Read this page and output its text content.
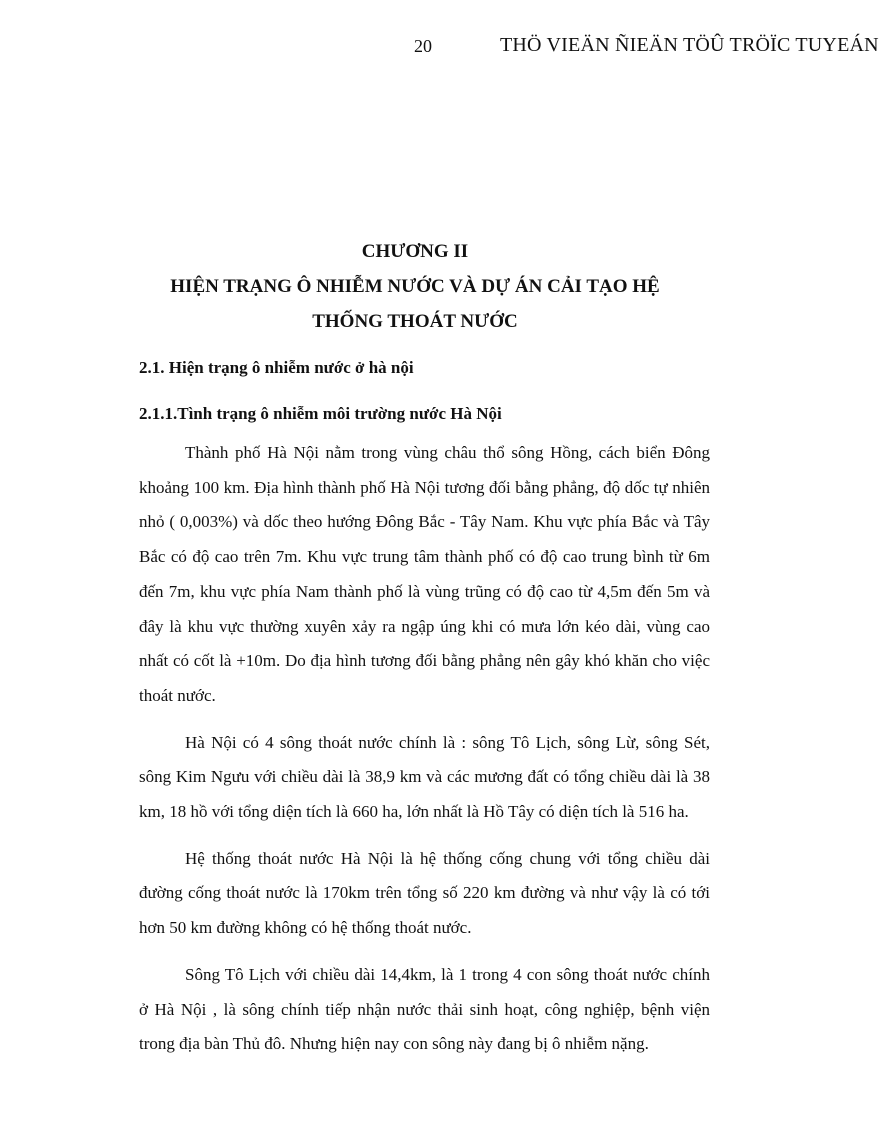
20	THÖ VIEÄN ÑIEÄN TÖÛ TRÖÏC TUYEÁN
CHƯƠNG II
HIỆN TRẠNG Ô NHIỄM NƯỚC VÀ DỰ ÁN CẢI TẠO HỆ
THỐNG THOÁT NƯỚC
2.1. Hiện trạng ô nhiễm nước ở hà nội
2.1.1.Tình trạng ô nhiễm môi trường nước Hà Nội

Thành phố Hà Nội nằm trong vùng châu thổ sông Hồng, cách biển Đông khoảng 100 km. Địa hình thành phố Hà Nội tương đối bằng phẳng, độ dốc tự nhiên nhỏ ( 0,003%) và dốc theo hướng Đông Bắc - Tây Nam. Khu vực phía Bắc và Tây Bắc có độ cao trên 7m. Khu vực trung tâm thành phố có độ cao trung bình từ 6m đến 7m, khu vực phía Nam thành phố là vùng trũng có độ cao từ 4,5m đến 5m và đây là khu vực thường xuyên xảy ra ngập úng khi có mưa lớn kéo dài, vùng cao nhất có cốt là +10m. Do địa hình tương đối bằng phẳng nên gây khó khăn cho việc thoát nước.

Hà Nội có 4 sông thoát nước chính là : sông Tô Lịch, sông Lừ, sông Sét, sông Kim Ngưu với chiều dài là 38,9 km và các mương đất có tổng chiều dài là 38 km, 18 hồ với tổng diện tích là 660 ha, lớn nhất là Hồ Tây có diện tích là 516 ha.

Hệ thống thoát nước Hà Nội là hệ thống cống chung với tổng chiều dài đường cống thoát nước là 170km trên tổng số 220 km đường và như vậy là có tới hơn 50 km đường không có hệ thống thoát nước.

Sông Tô Lịch với chiều dài 14,4km, là 1 trong 4 con sông thoát nước chính ở Hà Nội , là sông chính tiếp nhận nước thải sinh hoạt, công nghiệp, bệnh viện trong địa bàn Thủ đô. Nhưng hiện nay con sông này đang bị ô nhiễm nặng.
